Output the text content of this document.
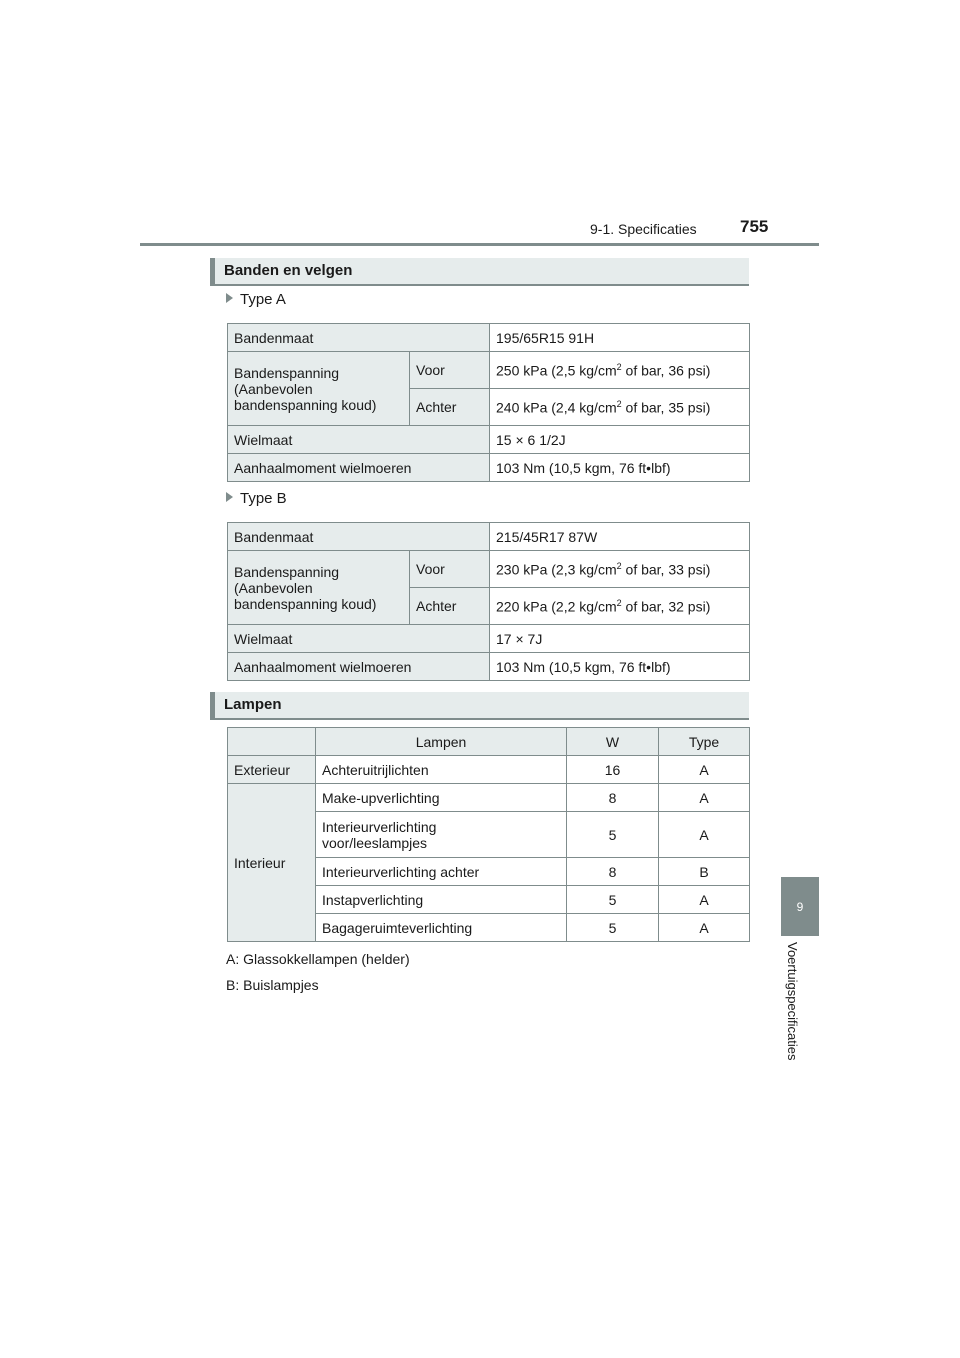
9-1. Specificaties	755
9
Voertuigspecificaties
Banden en velgen
Type A
Bandenmaat		195/65R15 91H
Bandenspanning (Aanbevolen bandenspanning koud)	Voor	250 kPa (2,5 $kg/cm^2$ of bar, 36 psi)
	Achter	240 kPa (2,4 $kg/cm^2$ of bar, 35 psi)
Wielmaat		15 × 6 1/2J
Aanhaalmoment wielmoeren		103 Nm (10,5 kgm, 76 ft•lbf)
Type B
Bandenmaat		215/45R17 87W
Bandenspanning (Aanbevolen bandenspanning koud)	Voor	230 kPa (2,3 $kg/cm^2$ of bar, 33 psi)
	Achter	220 kPa (2,2 $kg/cm^2$ of bar, 32 psi)
Wielmaat		17 × 7J
Aanhaalmoment wielmoeren		103 Nm (10,5 kgm, 76 ft•lbf)
Lampen
	Lampen	W	Type
Exterieur	Achteruitrijlichten	16	A
Interieur	Make-upverlichting	8	A
	Interieurverlichting voor/leeslampjes	5	A
	Interieurverlichting achter	8	B
	Instapverlichting	5	A
	Bagageruimteverlichting	5	A
A: Glassokkellampen (helder)
B: Buislampjes
